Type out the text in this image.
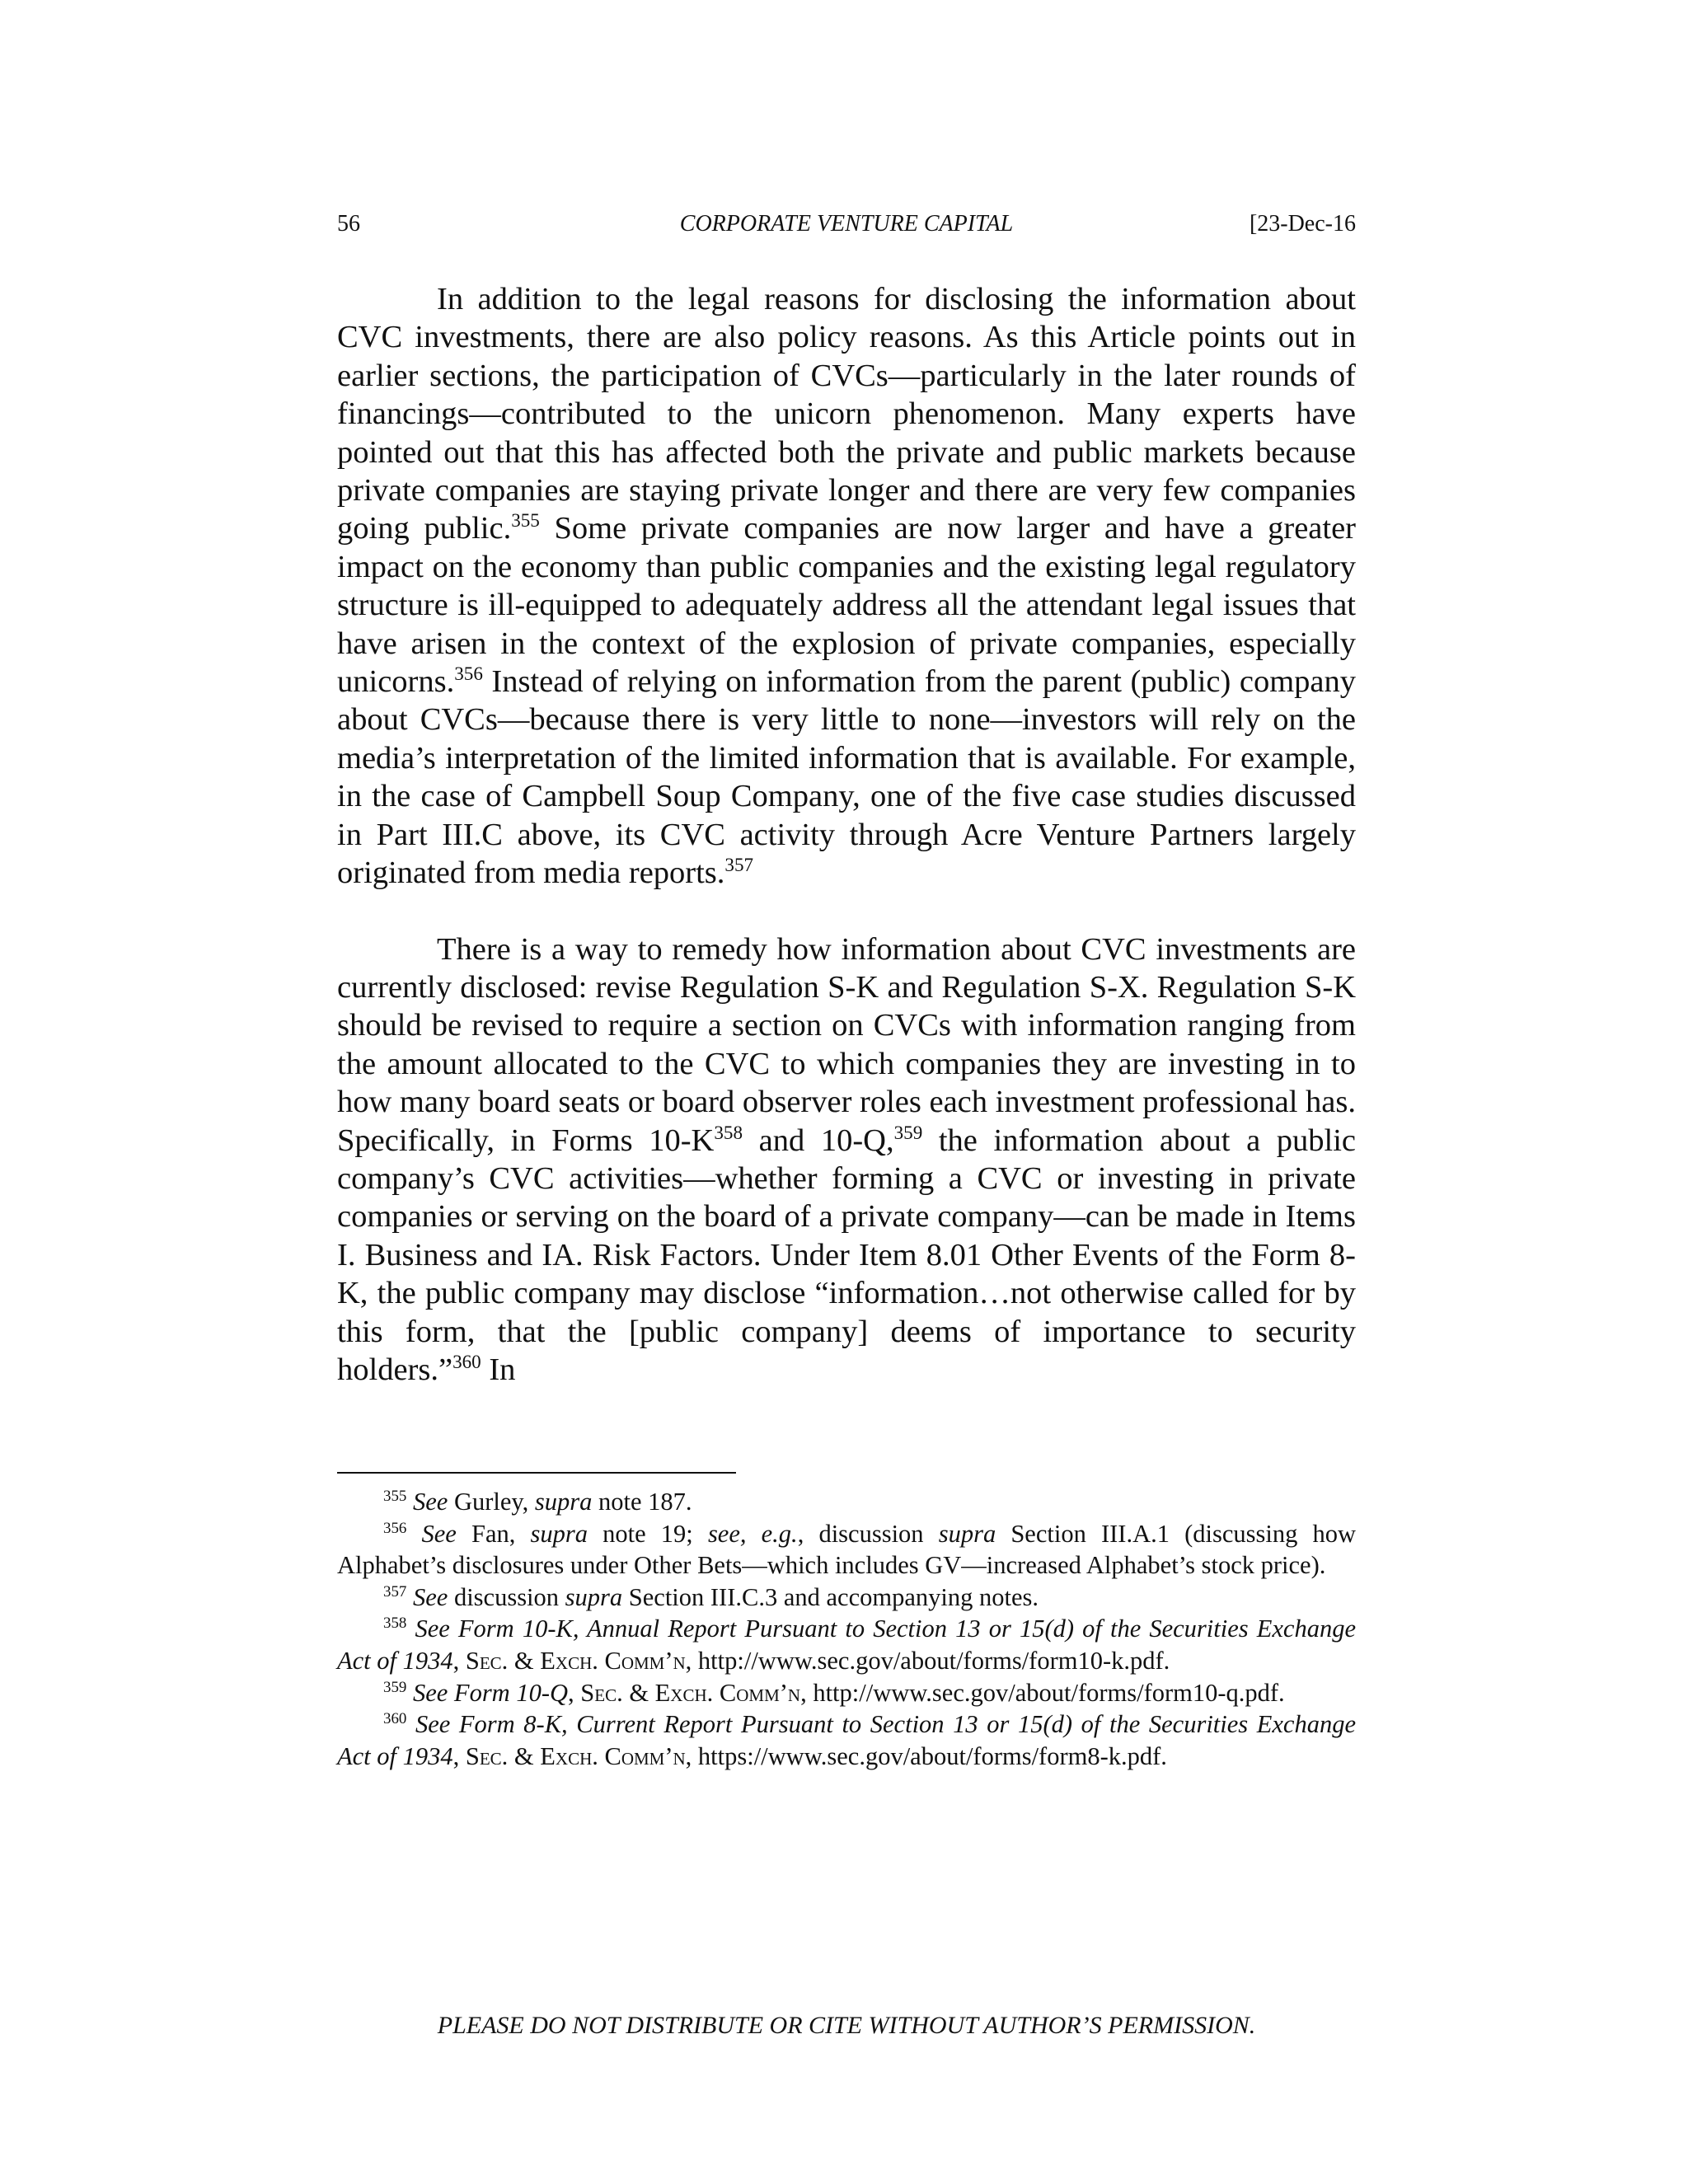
56	CORPORATE VENTURE CAPITAL	[23-Dec-16

In addition to the legal reasons for disclosing the information about CVC investments, there are also policy reasons. As this Article points out in earlier sections, the participation of CVCs—particularly in the later rounds of financings—contributed to the unicorn phenomenon. Many experts have pointed out that this has affected both the private and public markets because private companies are staying private longer and there are very few companies going public.$^{355}$ Some private companies are now larger and have a greater impact on the economy than public companies and the existing legal regulatory structure is ill-equipped to adequately address all the attendant legal issues that have arisen in the context of the explosion of private companies, especially unicorns.$^{356}$ Instead of relying on information from the parent (public) company about CVCs—because there is very little to none—investors will rely on the media’s interpretation of the limited information that is available. For example, in the case of Campbell Soup Company, one of the five case studies discussed in Part III.C above, its CVC activity through Acre Venture Partners largely originated from media reports.$^{357}$

There is a way to remedy how information about CVC investments are currently disclosed: revise Regulation S-K and Regulation S-X. Regulation S-K should be revised to require a section on CVCs with information ranging from the amount allocated to the CVC to which companies they are investing in to how many board seats or board observer roles each investment professional has. Specifically, in Forms $10-K^{358}$ and 10-Q,$^{359}$ the information about a public company’s CVC activities—whether forming a CVC or investing in private companies or serving on the board of a private company—can be made in Items I. Business and IA. Risk Factors. Under Item 8.01 Other Events of the Form 8-K, the public company may disclose “information…not otherwise called for by this form, that the [public company] deems of importance to security holders.”$^{360}$ In

$^{355}$ See Gurley, supra note 187.

$^{356}$ See Fan, supra note 19; see, e.g., discussion supra Section III.A.1 (discussing how Alphabet’s disclosures under Other Bets—which includes GV—increased Alphabet’s stock price).

$^{357}$ See discussion supra Section III.C.3 and accompanying notes.

$^{358}$ See Form 10-K, Annual Report Pursuant to Section 13 or 15(d) of the Securities Exchange Act of 1934, Sec. & Exch. Comm’n, http://www.sec.gov/about/forms/form10-k.pdf.

$^{359}$ See Form 10-Q, Sec. & Exch. Comm’n, http://www.sec.gov/about/forms/form10-q.pdf.

$^{360}$ See Form 8-K, Current Report Pursuant to Section 13 or 15(d) of the Securities Exchange Act of 1934, Sec. & Exch. Comm’n, https://www.sec.gov/about/forms/form8-k.pdf.

PLEASE DO NOT DISTRIBUTE OR CITE WITHOUT AUTHOR’S PERMISSION.
